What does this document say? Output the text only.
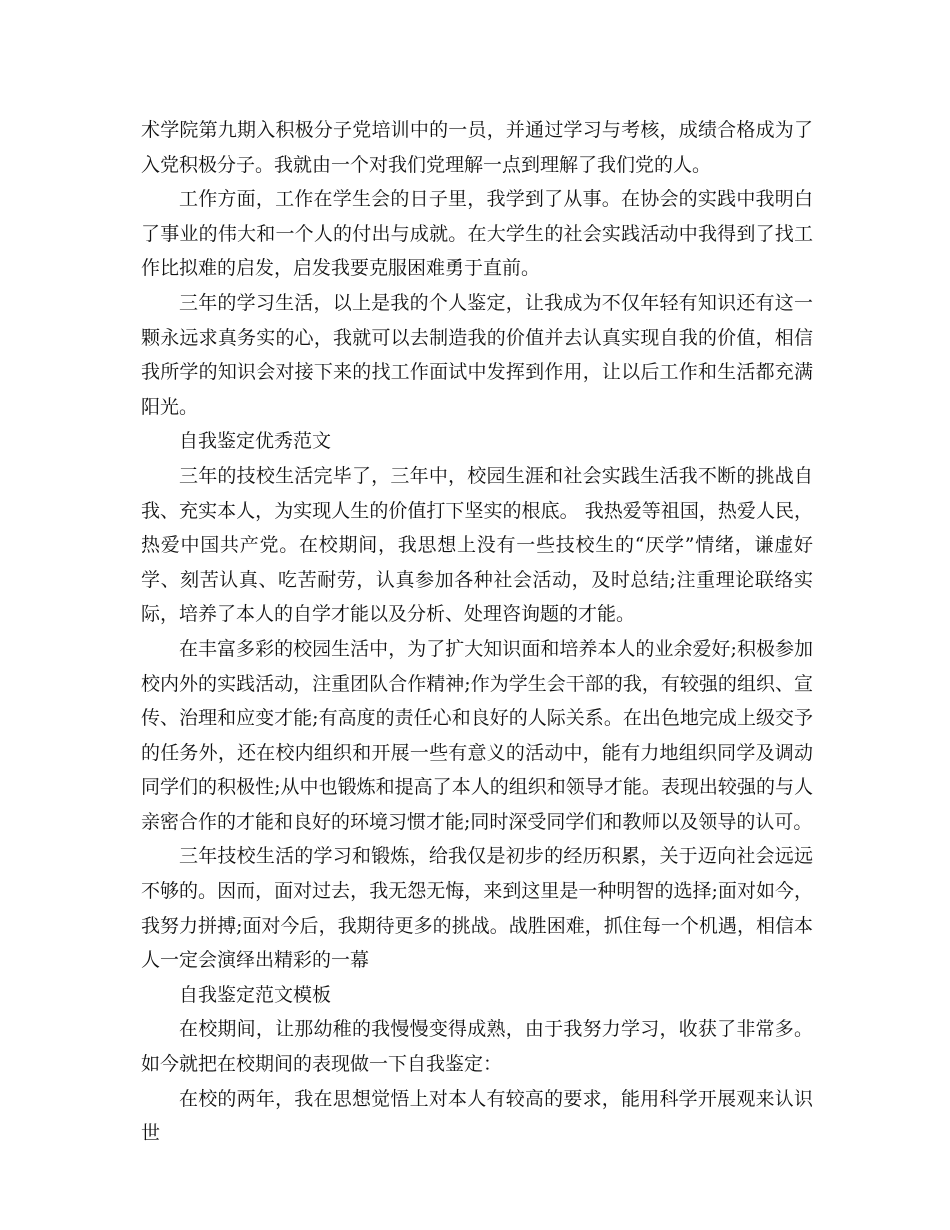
术学院第九期入积极分子党培训中的一员，并通过学习与考核，成绩合格成为了入党积极分子。我就由一个对我们党理解一点到理解了我们党的人。

工作方面，工作在学生会的日子里，我学到了从事。在协会的实践中我明白了事业的伟大和一个人的付出与成就。在大学生的社会实践活动中我得到了找工作比拟难的启发，启发我要克服困难勇于直前。

三年的学习生活，以上是我的个人鉴定，让我成为不仅年轻有知识还有这一颗永远求真务实的心，我就可以去制造我的价值并去认真实现自我的价值，相信我所学的知识会对接下来的找工作面试中发挥到作用，让以后工作和生活都充满阳光。

自我鉴定优秀范文

三年的技校生活完毕了，三年中，校园生涯和社会实践生活我不断的挑战自我、充实本人，为实现人生的价值打下坚实的根底。 我热爱等祖国，热爱人民，热爱中国共产党。在校期间，我思想上没有一些技校生的“厌学”情绪，谦虚好学、刻苦认真、吃苦耐劳，认真参加各种社会活动，及时总结;注重理论联络实际，培养了本人的自学才能以及分析、处理咨询题的才能。

在丰富多彩的校园生活中，为了扩大知识面和培养本人的业余爱好;积极参加校内外的实践活动，注重团队合作精神;作为学生会干部的我，有较强的组织、宣传、治理和应变才能;有高度的责任心和良好的人际关系。在出色地完成上级交予的任务外，还在校内组织和开展一些有意义的活动中，能有力地组织同学及调动同学们的积极性;从中也锻炼和提高了本人的组织和领导才能。表现出较强的与人亲密合作的才能和良好的环境习惯才能;同时深受同学们和教师以及领导的认可。

三年技校生活的学习和锻炼，给我仅是初步的经历积累，关于迈向社会远远不够的。因而，面对过去，我无怨无悔，来到这里是一种明智的选择;面对如今，我努力拼搏;面对今后，我期待更多的挑战。战胜困难，抓住每一个机遇，相信本人一定会演绎出精彩的一幕

自我鉴定范文模板

在校期间，让那幼稚的我慢慢变得成熟，由于我努力学习，收获了非常多。如今就把在校期间的表现做一下自我鉴定：

在校的两年，我在思想觉悟上对本人有较高的要求，能用科学开展观来认识世
